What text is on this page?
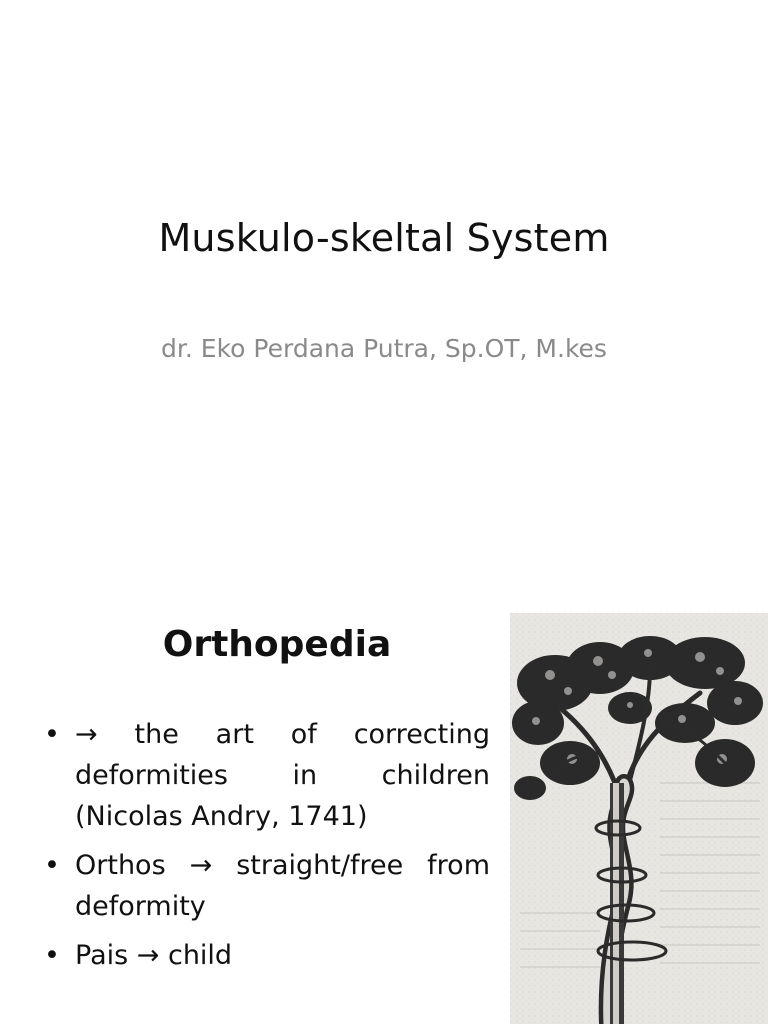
Muskulo-skeltal System
dr. Eko Perdana Putra, Sp.OT, M.kes
Orthopedia
• → the art of correcting deformities in children (Nicolas Andry, 1741)
• Orthos → straight/free from deformity
• Pais → child
